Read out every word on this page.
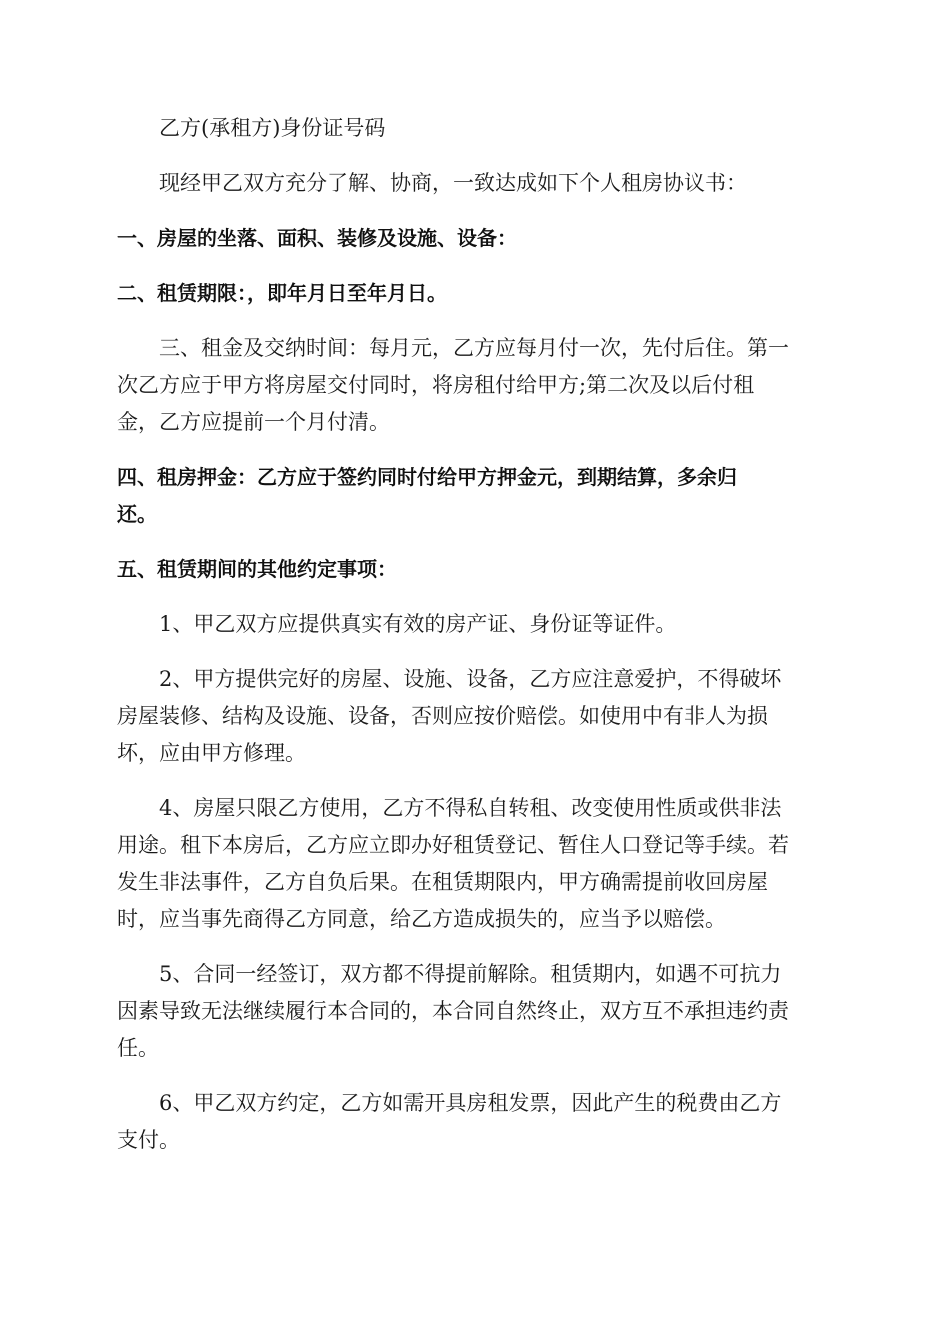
乙方(承租方)身份证号码

现经甲乙双方充分了解、协商，一致达成如下个人租房协议书：

一、房屋的坐落、面积、装修及设施、设备：

二、租赁期限：，即年月日至年月日。

三、租金及交纳时间：每月元，乙方应每月付一次，先付后住。第一
次乙方应于甲方将房屋交付同时，将房租付给甲方;第二次及以后付租
金，乙方应提前一个月付清。

四、租房押金：乙方应于签约同时付给甲方押金元，到期结算，多余归
还。

五、租赁期间的其他约定事项：

1、甲乙双方应提供真实有效的房产证、身份证等证件。

2、甲方提供完好的房屋、设施、设备，乙方应注意爱护，不得破坏
房屋装修、结构及设施、设备，否则应按价赔偿。如使用中有非人为损
坏，应由甲方修理。

4、房屋只限乙方使用，乙方不得私自转租、改变使用性质或供非法
用途。租下本房后，乙方应立即办好租赁登记、暂住人口登记等手续。若
发生非法事件，乙方自负后果。在租赁期限内，甲方确需提前收回房屋
时，应当事先商得乙方同意，给乙方造成损失的，应当予以赔偿。

5、合同一经签订，双方都不得提前解除。租赁期内，如遇不可抗力
因素导致无法继续履行本合同的，本合同自然终止，双方互不承担违约责
任。

6、甲乙双方约定，乙方如需开具房租发票，因此产生的税费由乙方
支付。
